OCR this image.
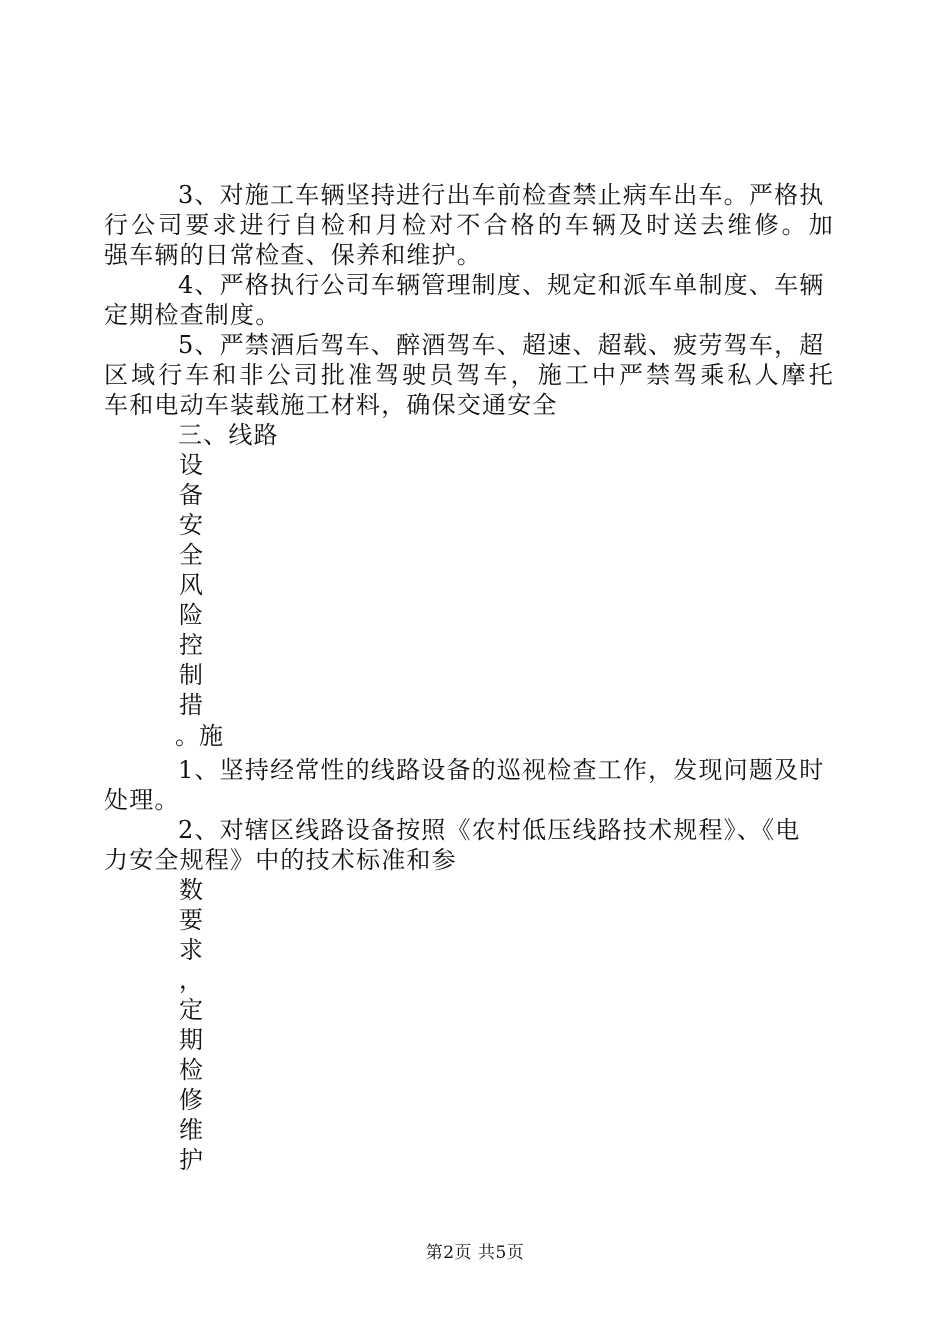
3、对施工车辆坚持进行出车前检查禁止病车出车。严格执
行公司要求进行自检和月检对不合格的车辆及时送去维修。加
强车辆的日常检查、保养和维护。
4、严格执行公司车辆管理制度、规定和派车单制度、车辆
定期检查制度。
5、严禁酒后驾车、醉酒驾车、超速、超载、疲劳驾车，超
区域行车和非公司批准驾驶员驾车，施工中严禁驾乘私人摩托
车和电动车装载施工材料，确保交通安全
三、线路
设
备
安
全
风
险
控
制
措
。施
1、坚持经常性的线路设备的巡视检查工作，发现问题及时
处理。
2、对辖区线路设备按照《农村低压线路技术规程》、《电
力安全规程》中的技术标准和参
数
要
求
，
定
期
检
修
维
护
第2页 共5页
